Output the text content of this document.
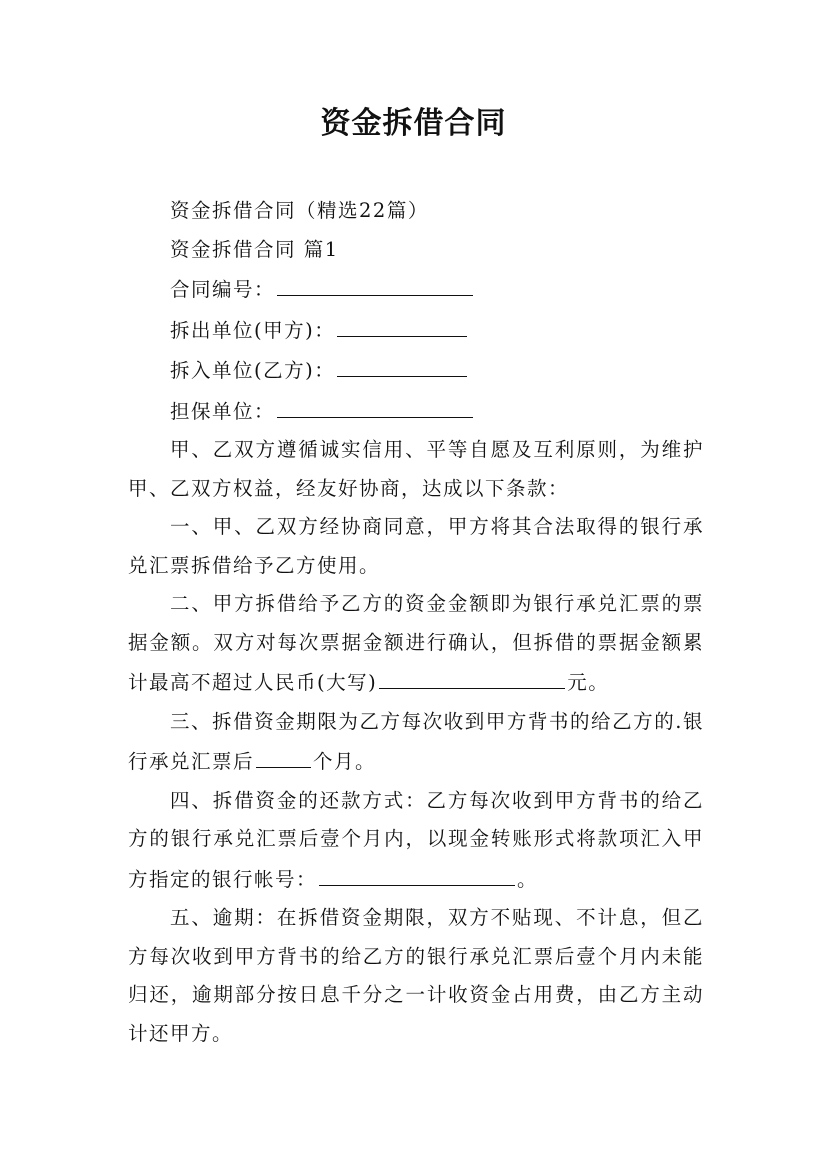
资金拆借合同

资金拆借合同（精选22篇）

资金拆借合同 篇1

合同编号：

拆出单位(甲方)：

拆入单位(乙方)：

担保单位：

甲、乙双方遵循诚实信用、平等自愿及互利原则，为维护甲、乙双方权益，经友好协商，达成以下条款：

一、甲、乙双方经协商同意，甲方将其合法取得的银行承兑汇票拆借给予乙方使用。

二、甲方拆借给予乙方的资金金额即为银行承兑汇票的票据金额。双方对每次票据金额进行确认，但拆借的票据金额累计最高不超过人民币(大写)	元。

三、拆借资金期限为乙方每次收到甲方背书的给乙方的.银行承兑汇票后	个月。

四、拆借资金的还款方式：乙方每次收到甲方背书的给乙方的银行承兑汇票后壹个月内，以现金转账形式将款项汇入甲方指定的银行帐号：	。

五、逾期：在拆借资金期限，双方不贴现、不计息，但乙方每次收到甲方背书的给乙方的银行承兑汇票后壹个月内未能归还，逾期部分按日息千分之一计收资金占用费，由乙方主动计还甲方。
